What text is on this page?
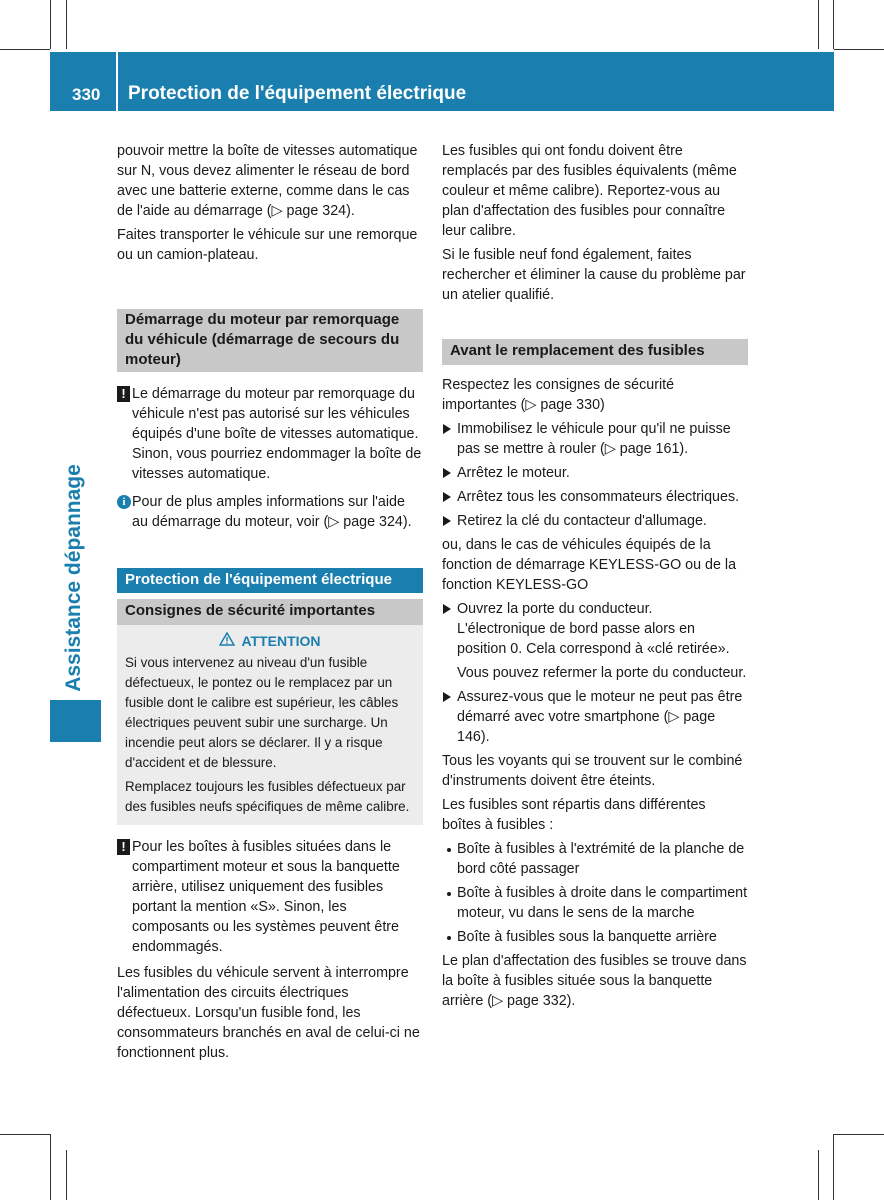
330 Protection de l'équipement électrique
Assistance dépannage

pouvoir mettre la boîte de vitesses automatique sur N, vous devez alimenter le réseau de bord avec une batterie externe, comme dans le cas de l'aide au démarrage (▷ page 324).

Faites transporter le véhicule sur une remorque ou un camion-plateau.

Démarrage du moteur par remorquage du véhicule (démarrage de secours du moteur)

! Le démarrage du moteur par remorquage du véhicule n'est pas autorisé sur les véhicules équipés d'une boîte de vitesses automatique. Sinon, vous pourriez endommager la boîte de vitesses automatique.

i Pour de plus amples informations sur l'aide au démarrage du moteur, voir (▷ page 324).

Protection de l'équipement électrique
Consignes de sécurité importantes
ATTENTION

Si vous intervenez au niveau d'un fusible défectueux, le pontez ou le remplacez par un fusible dont le calibre est supérieur, les câbles électriques peuvent subir une surcharge. Un incendie peut alors se déclarer. Il y a risque d'accident et de blessure.

Remplacez toujours les fusibles défectueux par des fusibles neufs spécifiques de même calibre.

! Pour les boîtes à fusibles situées dans le compartiment moteur et sous la banquette arrière, utilisez uniquement des fusibles portant la mention «S». Sinon, les composants ou les systèmes peuvent être endommagés.

Les fusibles du véhicule servent à interrompre l'alimentation des circuits électriques défectueux. Lorsqu'un fusible fond, les consommateurs branchés en aval de celui-ci ne fonctionnent plus.

Les fusibles qui ont fondu doivent être remplacés par des fusibles équivalents (même couleur et même calibre). Reportez-vous au plan d'affectation des fusibles pour connaître leur calibre.

Si le fusible neuf fond également, faites rechercher et éliminer la cause du problème par un atelier qualifié.

Avant le remplacement des fusibles

Respectez les consignes de sécurité importantes (▷ page 330)

Immobilisez le véhicule pour qu'il ne puisse pas se mettre à rouler (▷ page 161).

Arrêtez le moteur.

Arrêtez tous les consommateurs électriques.

Retirez la clé du contacteur d'allumage.

ou, dans le cas de véhicules équipés de la fonction de démarrage KEYLESS-GO ou de la fonction KEYLESS-GO

Ouvrez la porte du conducteur.

L'électronique de bord passe alors en position 0. Cela correspond à «clé retirée».

Vous pouvez refermer la porte du conducteur.

Assurez-vous que le moteur ne peut pas être démarré avec votre smartphone (▷ page 146).

Tous les voyants qui se trouvent sur le combiné d'instruments doivent être éteints.

Les fusibles sont répartis dans différentes boîtes à fusibles :

Boîte à fusibles à l'extrémité de la planche de bord côté passager

Boîte à fusibles à droite dans le compartiment moteur, vu dans le sens de la marche

Boîte à fusibles sous la banquette arrière

Le plan d'affectation des fusibles se trouve dans la boîte à fusibles située sous la banquette arrière (▷ page 332).
